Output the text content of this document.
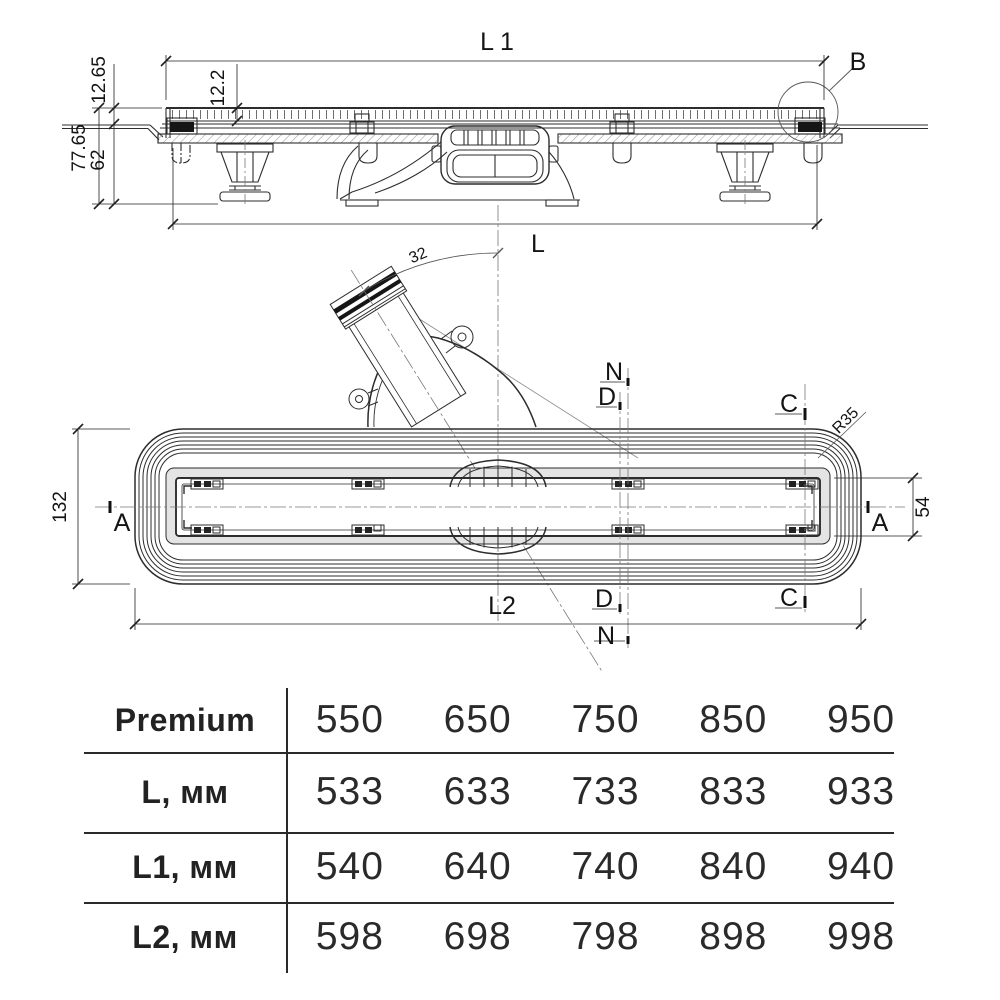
L 1
B
12.65
77.65
62
12.2
L
32
R35
132	54
L2
N
D	C
A	A
C
D
N
Premium	550	650	750	850	950
L, мм	533	633	733	833	933
L1, мм	540	640	740	840	940
L2, мм	598	698	798	898	998
